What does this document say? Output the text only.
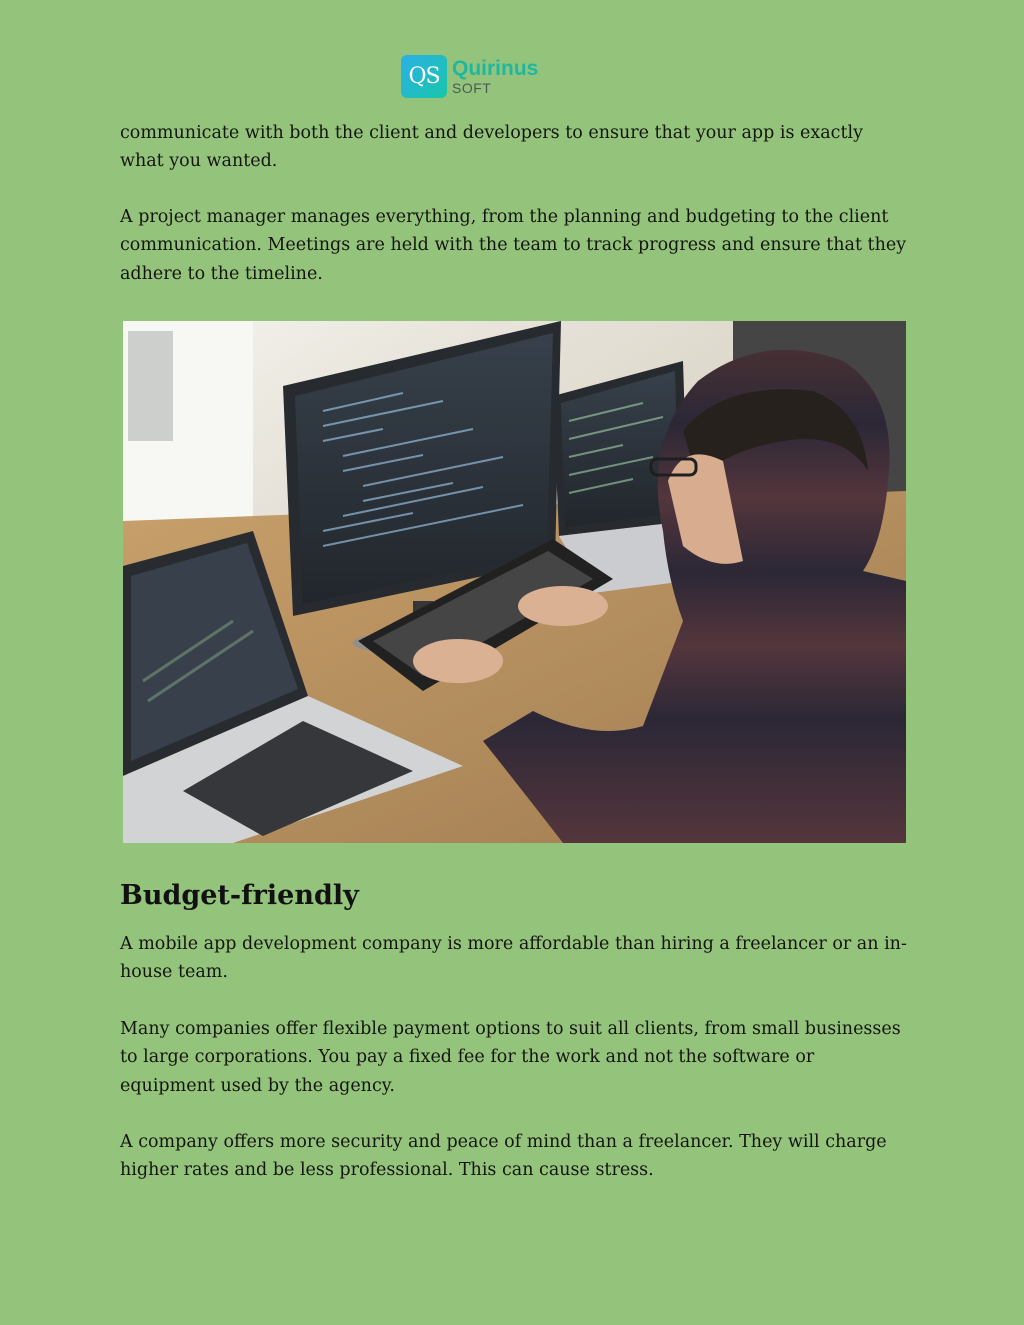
QS Quirinus
SOFT

communicate with both the client and developers to ensure that your app is exactly what you wanted.

A project manager manages everything, from the planning and budgeting to the client communication. Meetings are held with the team to track progress and ensure that they adhere to the timeline.

Budget-friendly

A mobile app development company is more affordable than hiring a freelancer or an in-house team.

Many companies offer flexible payment options to suit all clients, from small businesses to large corporations. You pay a fixed fee for the work and not the software or equipment used by the agency.

A company offers more security and peace of mind than a freelancer. They will charge higher rates and be less professional. This can cause stress.
